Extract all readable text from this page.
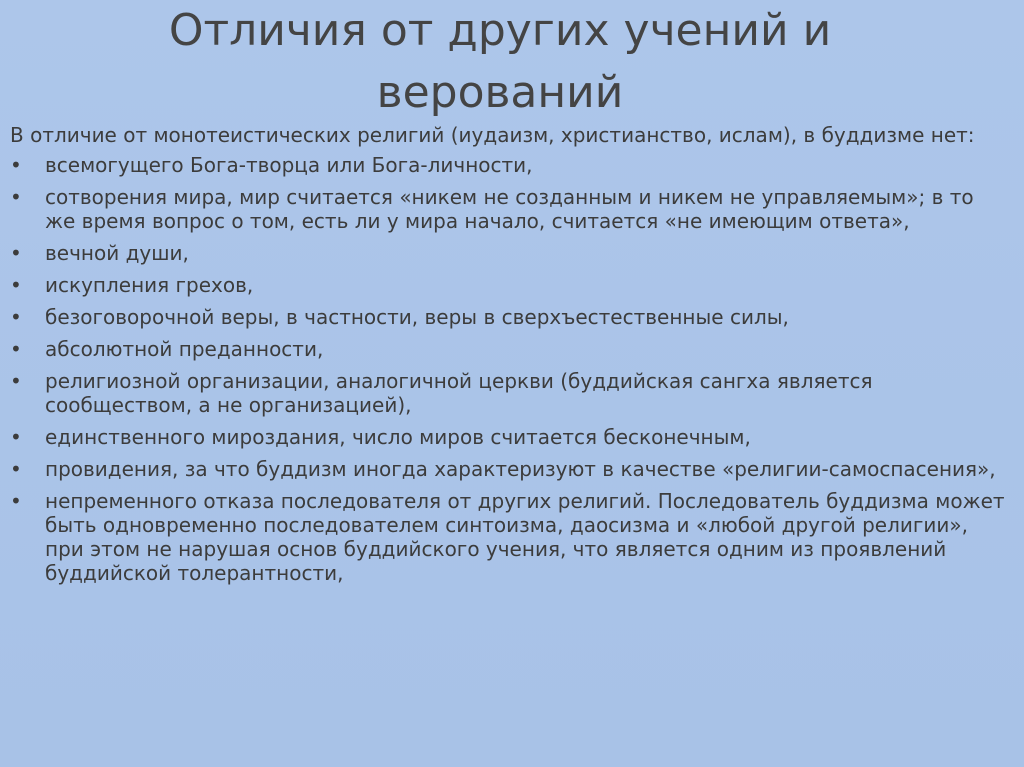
Отличия от других учений и
верований

В отличие от монотеистических религий (иудаизм, христианство, ислам), в буддизме нет:

•	всемогущего Бога-творца или Бога-личности,
•	сотворения мира, мир считается «никем не созданным и никем не управляемым»; в то же время вопрос о том, есть ли у мира начало, считается «не имеющим ответа»,
•	вечной души,
•	искупления грехов,
•	безоговорочной веры, в частности, веры в сверхъестественные силы,
•	абсолютной преданности,
•	религиозной организации, аналогичной церкви (буддийская сангха является сообществом, а не организацией),
•	единственного мироздания, число миров считается бесконечным,
•	провидения, за что буддизм иногда характеризуют в качестве «религии-самоспасения»,
•	непременного отказа последователя от других религий. Последователь буддизма может быть одновременно последователем синтоизма, даосизма и «любой другой религии», при этом не нарушая основ буддийского учения, что является одним из проявлений буддийской толерантности,
